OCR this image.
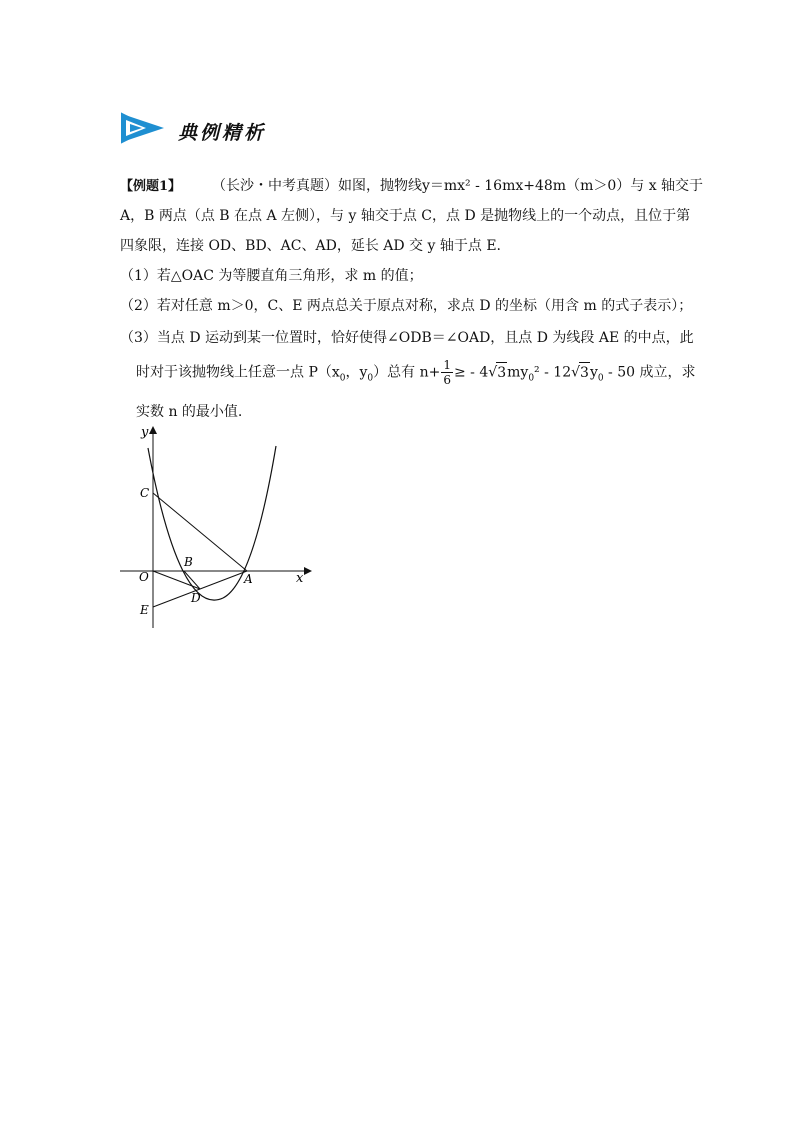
典例精析
【例题1】 （长沙・中考真题）如图，抛物线y＝mx² - 16mx+48m（m＞0）与 x 轴交于
A，B 两点（点 B 在点 A 左侧），与 y 轴交于点 C，点 D 是抛物线上的一个动点，且位于第
四象限，连接 OD、BD、AC、AD，延长 AD 交 y 轴于点 E.
（1）若△OAC 为等腰直角三角形，求 m 的值；
（2）若对任意 m＞0，C、E 两点总关于原点对称，求点 D 的坐标（用含 m 的式子表示）；
（3）当点 D 运动到某一位置时，恰好使得∠ODB＝∠OAD，且点 D 为线段 AE 的中点，此
时对于该抛物线上任意一点 $P(x_0$，$y_0$）总有 $n+ \frac{1}{6}$ ≥ - $4√3my_0^2 - 12√3y_0 - 50$ 成立，求
实数 n 的最小值.
y
x
C
O
B
A
D
E
